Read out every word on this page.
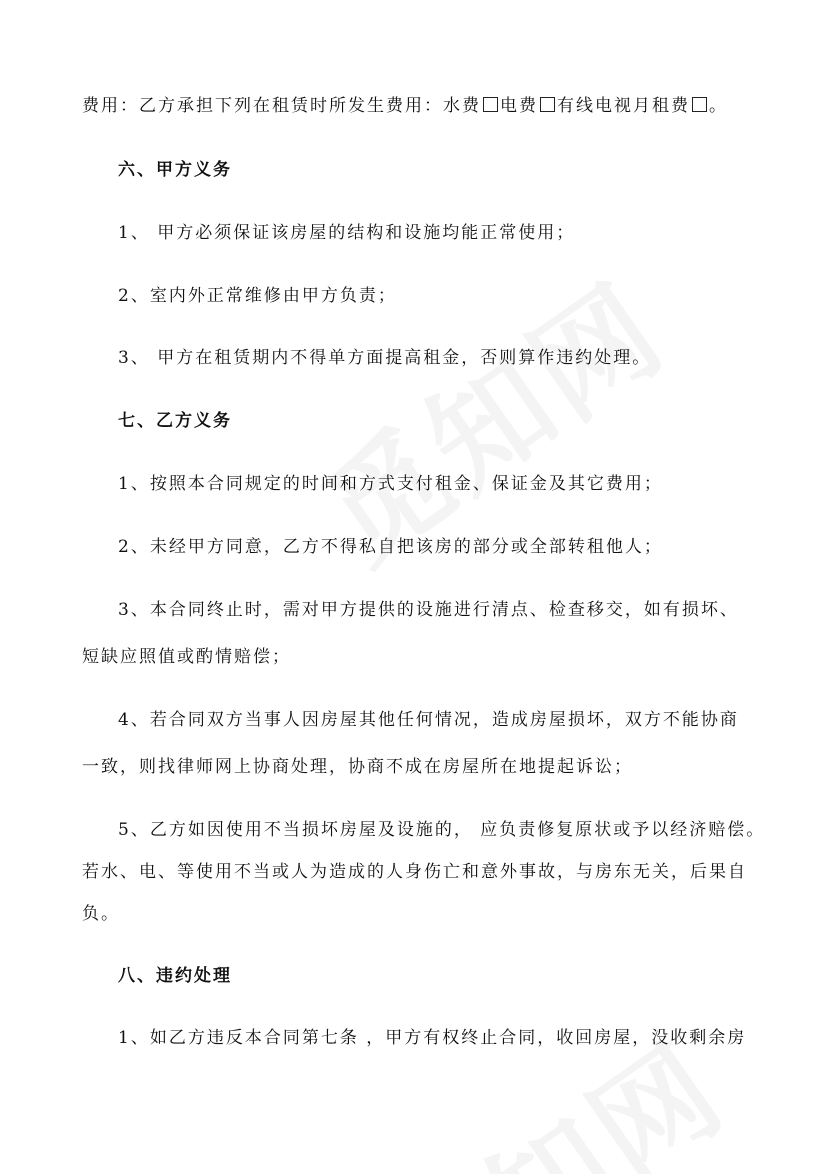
费用：乙方承担下列在租赁时所发生费用：水费 电费 有线电视月租费 。
六、甲方义务
1、 甲方必须保证该房屋的结构和设施均能正常使用；
2、室内外正常维修由甲方负责；
3、 甲方在租赁期内不得单方面提高租金，否则算作违约处理。
七、乙方义务
1、按照本合同规定的时间和方式支付租金、保证金及其它费用；
2、未经甲方同意，乙方不得私自把该房的部分或全部转租他人；
3、本合同终止时，需对甲方提供的设施进行清点、检查移交，如有损坏、
短缺应照值或酌情赔偿；
4、若合同双方当事人因房屋其他任何情况，造成房屋损坏，双方不能协商
一致，则找律师网上协商处理，协商不成在房屋所在地提起诉讼；
5、乙方如因使用不当损坏房屋及设施的， 应负责修复原状或予以经济赔偿。
若水、电、等使用不当或人为造成的人身伤亡和意外事故，与房东无关，后果自
负。
八、违约处理
1、如乙方违反本合同第七条 ，甲方有权终止合同，收回房屋，没收剩余房
